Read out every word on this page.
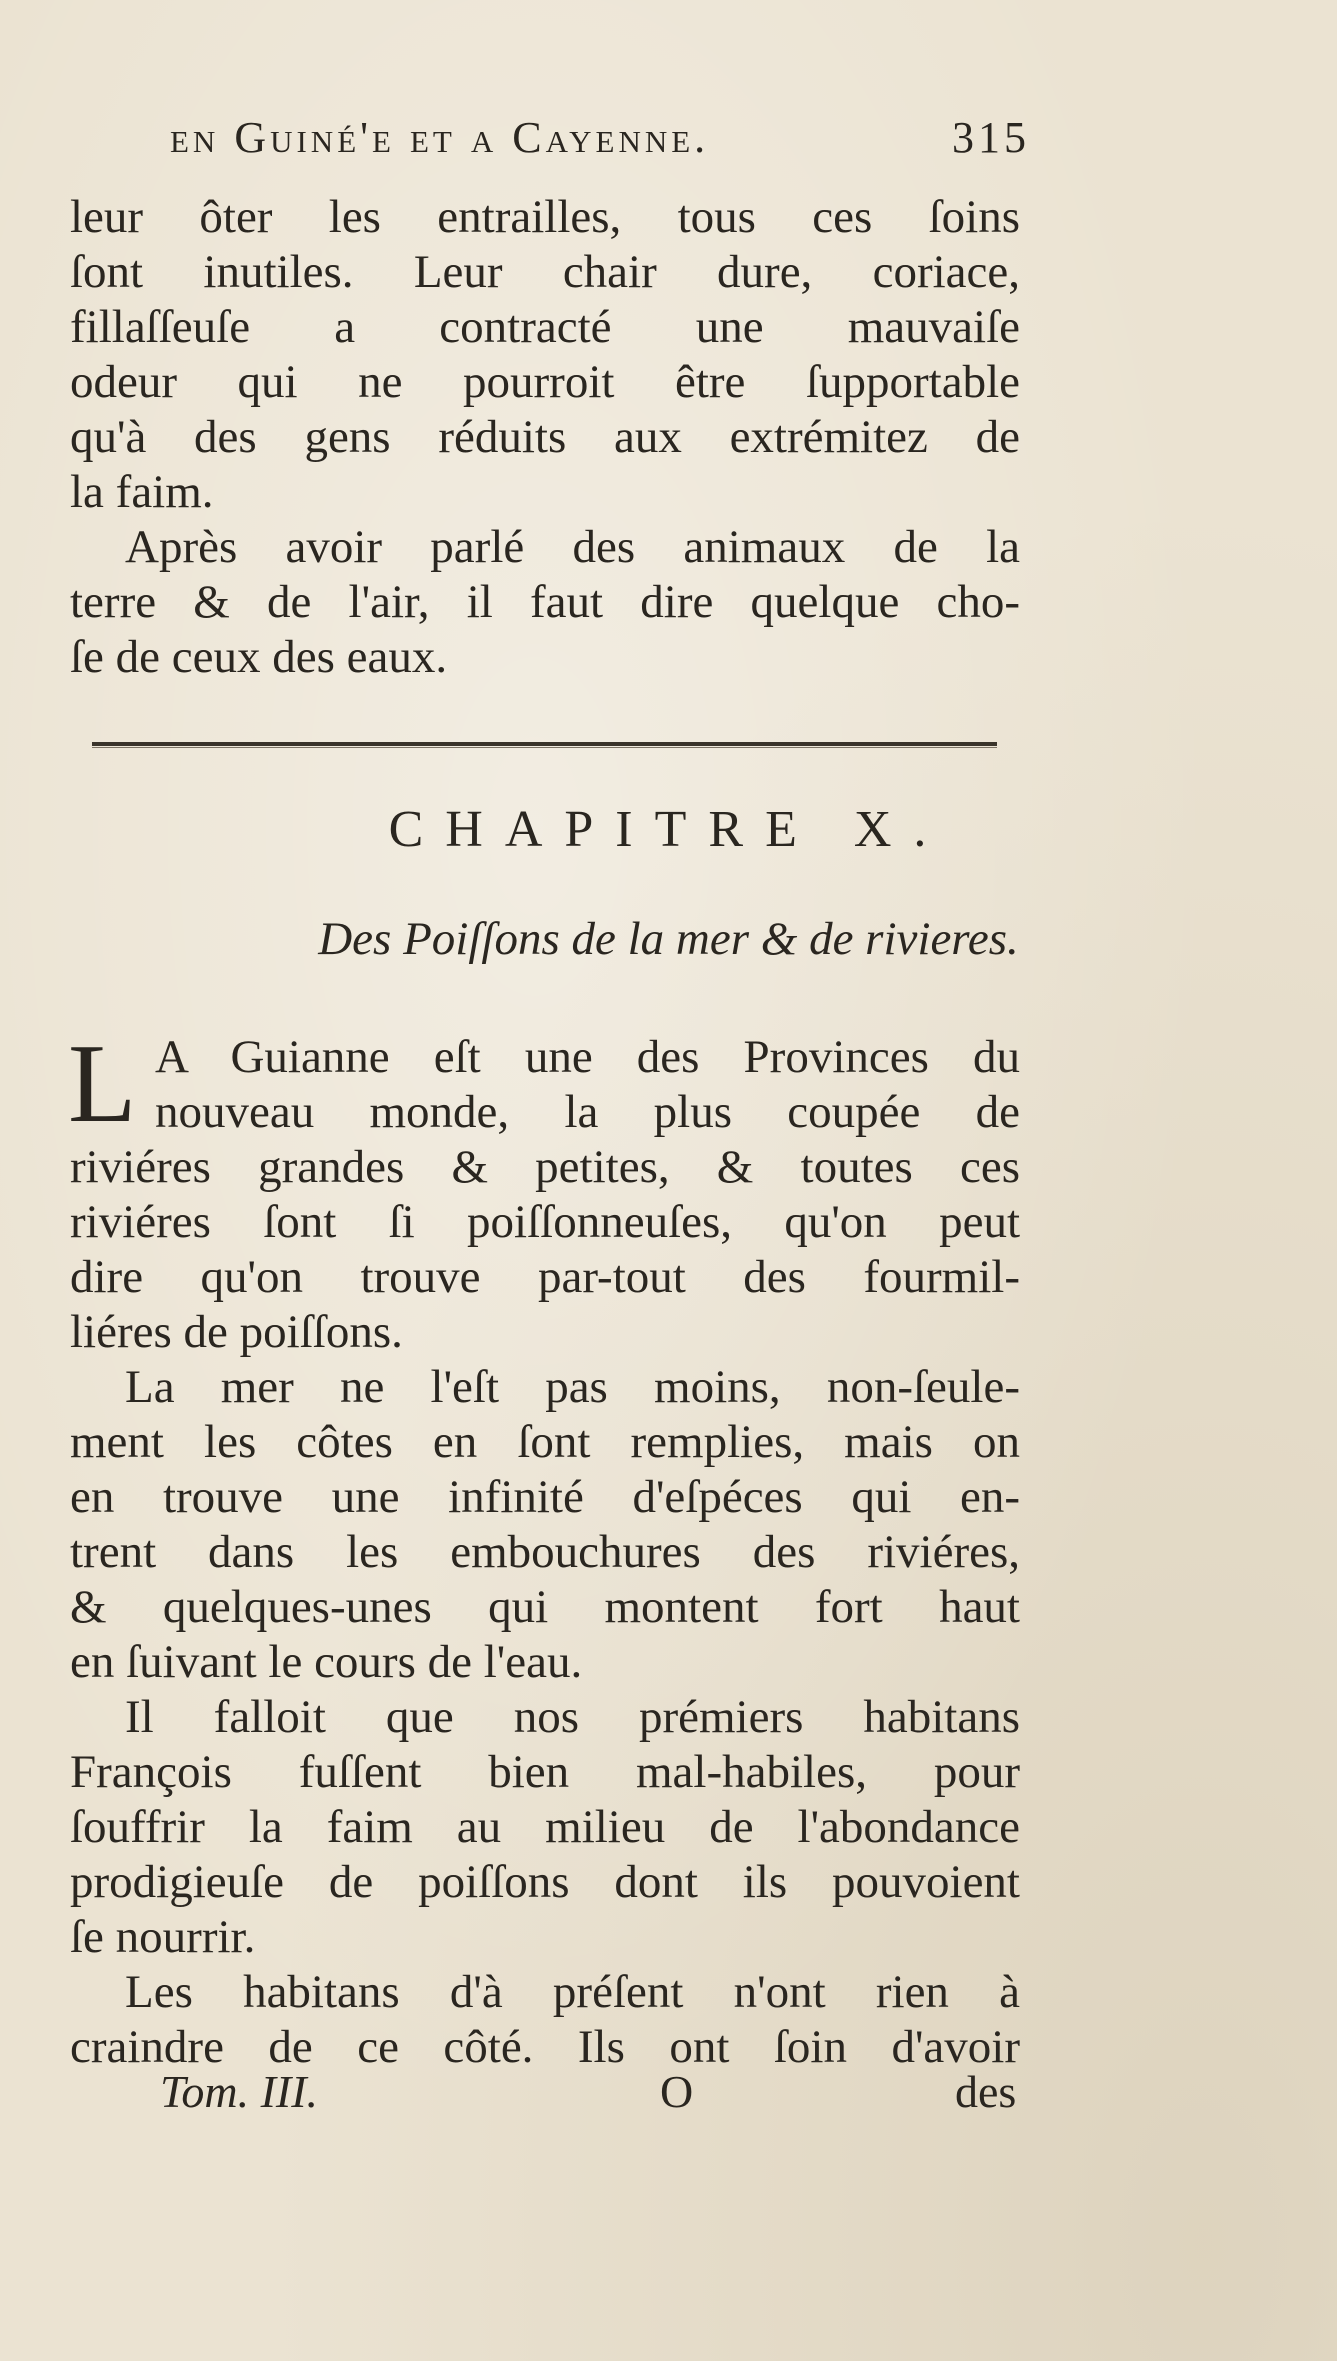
en Guiné'e et a Cayenne.	315
leur ôter les entrailles, tous ces ſoins
ſont inutiles. Leur chair dure, coriace,
fillaſſeuſe a contracté une mauvaiſe
odeur qui ne pourroit être ſupportable
qu'à des gens réduits aux extrémitez de
la faim.
Après avoir parlé des animaux de la
terre & de l'air, il faut dire quelque cho-
ſe de ceux des eaux.
CHAPITRE X.
Des Poiſſons de la mer & de rivieres.
L A Guianne eſt une des Provinces du
nouveau monde, la plus coupée de
riviéres grandes & petites, & toutes ces
riviéres ſont ſi poiſſonneuſes, qu'on peut
dire qu'on trouve par-tout des fourmil-
liéres de poiſſons.
La mer ne l'eſt pas moins, non-ſeule-
ment les côtes en ſont remplies, mais on
en trouve une infinité d'eſpéces qui en-
trent dans les embouchures des riviéres,
& quelques-unes qui montent fort haut
en ſuivant le cours de l'eau.
Il falloit que nos prémiers habitans
François fuſſent bien mal-habiles, pour
ſouffrir la faim au milieu de l'abondance
prodigieuſe de poiſſons dont ils pouvoient
ſe nourrir.
Les habitans d'à préſent n'ont rien à
craindre de ce côté. Ils ont ſoin d'avoir
Tom. III.	O	des
